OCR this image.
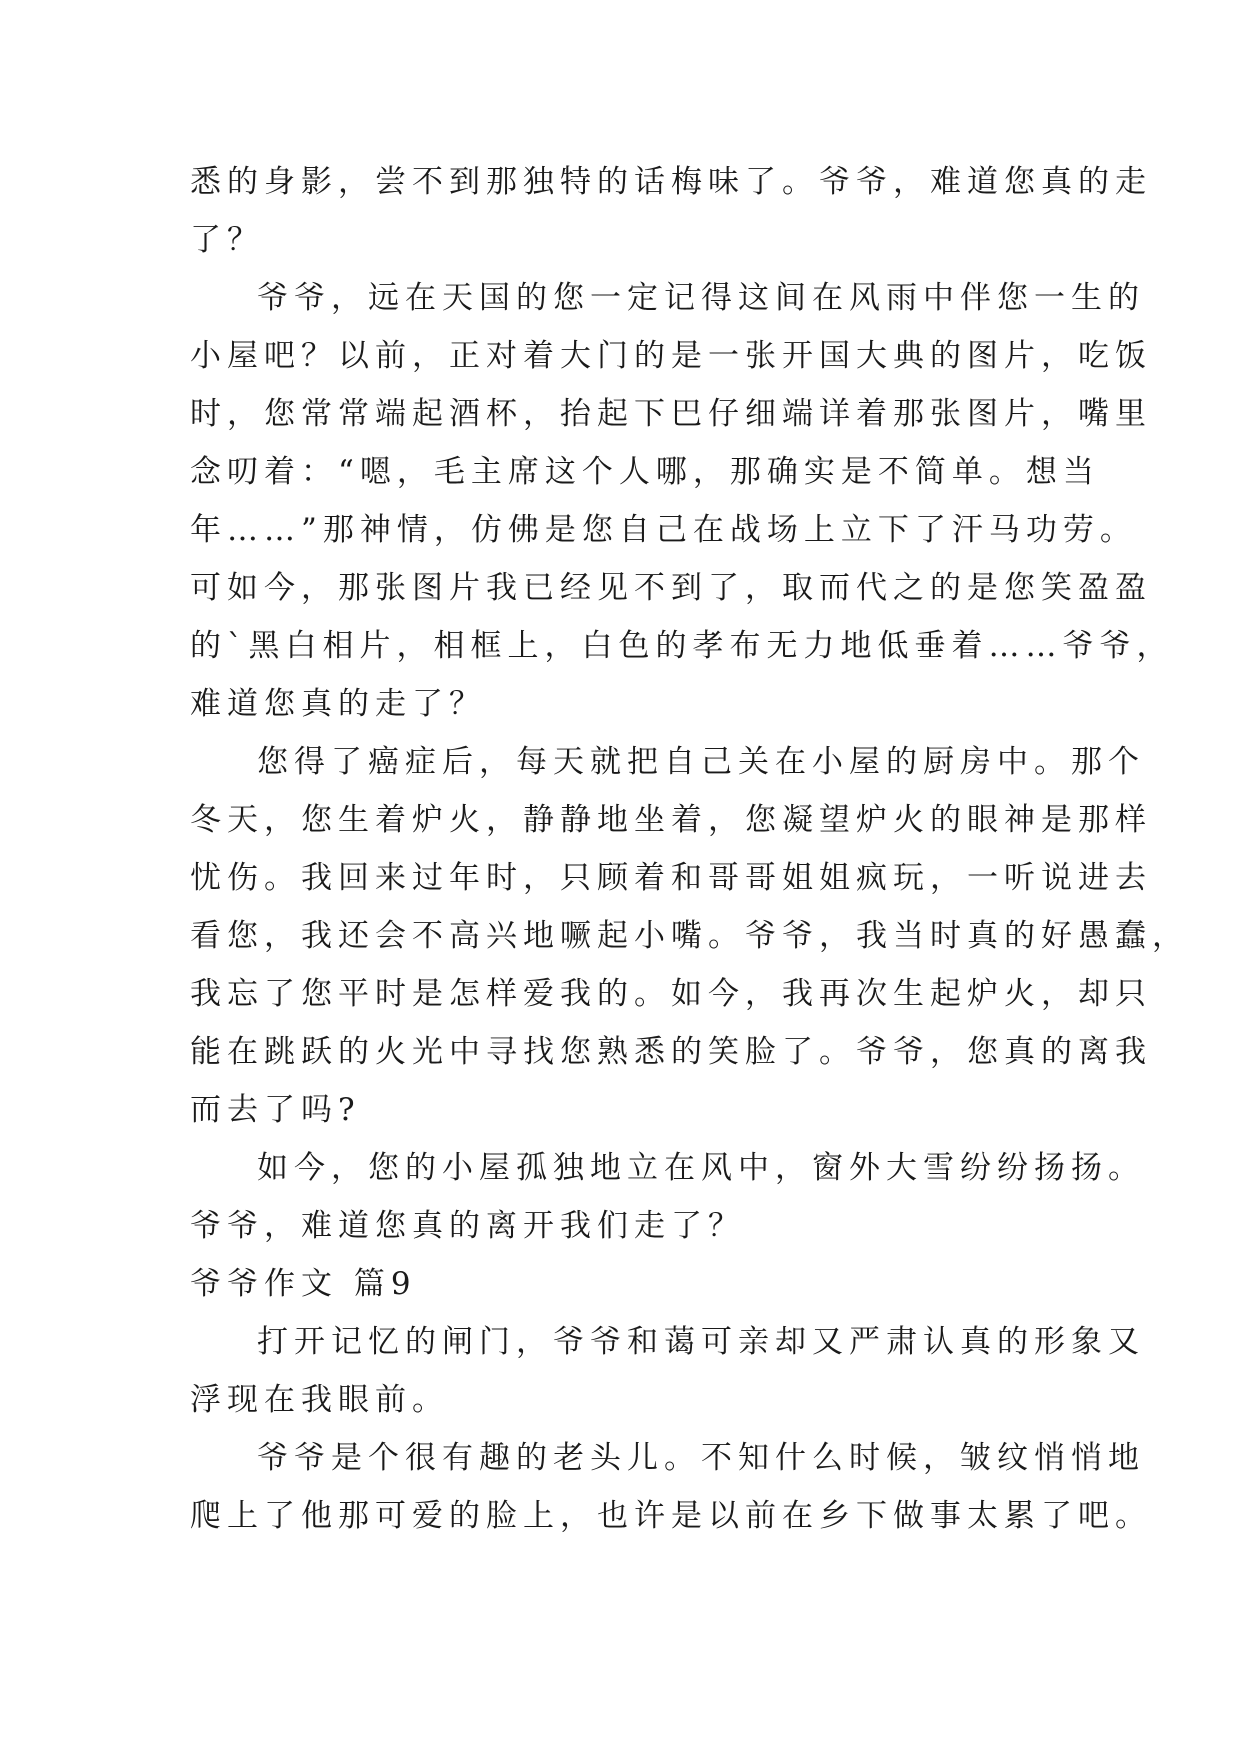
悉的身影，尝不到那独特的话梅味了。爷爷，难道您真的走
了？
爷爷，远在天国的您一定记得这间在风雨中伴您一生的
小屋吧？以前，正对着大门的是一张开国大典的图片，吃饭
时，您常常端起酒杯，抬起下巴仔细端详着那张图片，嘴里
念叨着：“嗯，毛主席这个人哪，那确实是不简单。想当
年……”那神情，仿佛是您自己在战场上立下了汗马功劳。
可如今，那张图片我已经见不到了，取而代之的是您笑盈盈
的`黑白相片，相框上，白色的孝布无力地低垂着……爷爷，
难道您真的走了？
您得了癌症后，每天就把自己关在小屋的厨房中。那个
冬天，您生着炉火，静静地坐着，您凝望炉火的眼神是那样
忧伤。我回来过年时，只顾着和哥哥姐姐疯玩，一听说进去
看您，我还会不高兴地噘起小嘴。爷爷，我当时真的好愚蠢，
我忘了您平时是怎样爱我的。如今，我再次生起炉火，却只
能在跳跃的火光中寻找您熟悉的笑脸了。爷爷，您真的离我
而去了吗?
如今，您的小屋孤独地立在风中，窗外大雪纷纷扬扬。
爷爷，难道您真的离开我们走了？
爷爷作文 篇9
打开记忆的闸门，爷爷和蔼可亲却又严肃认真的形象又
浮现在我眼前。
爷爷是个很有趣的老头儿。不知什么时候，皱纹悄悄地
爬上了他那可爱的脸上，也许是以前在乡下做事太累了吧。
